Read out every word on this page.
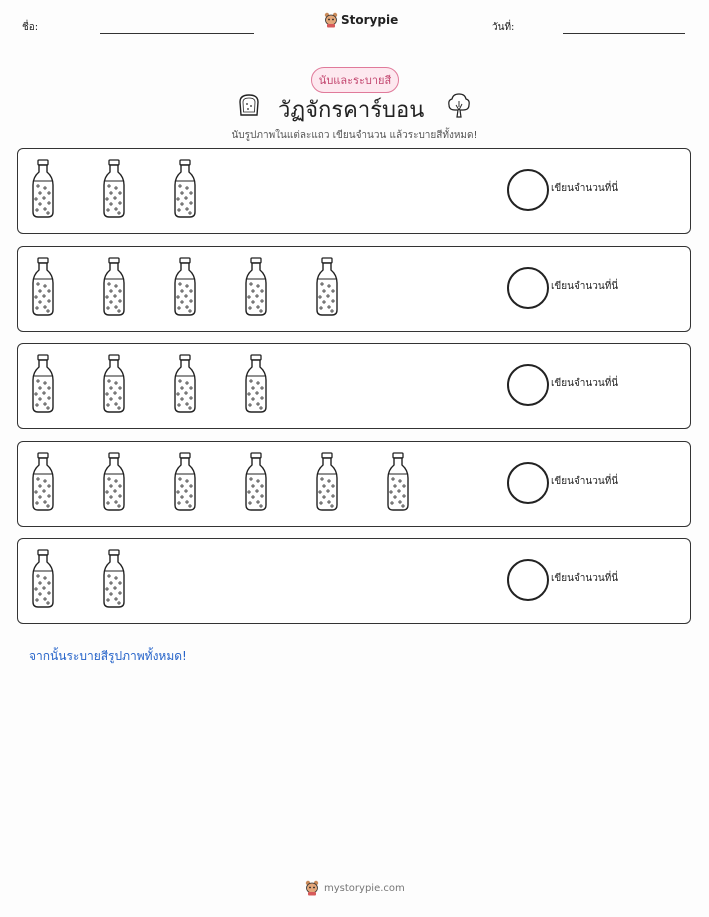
ชื่อ:
Storypie
วันที่:
นับและระบายสี
วัฏจักรคาร์บอน
นับรูปภาพในแต่ละแถว เขียนจำนวน แล้วระบายสีทั้งหมด!
เขียนจำนวนที่นี่
เขียนจำนวนที่นี่
เขียนจำนวนที่นี่
เขียนจำนวนที่นี่
เขียนจำนวนที่นี่
จากนั้นระบายสีรูปภาพทั้งหมด!
mystorypie.com
